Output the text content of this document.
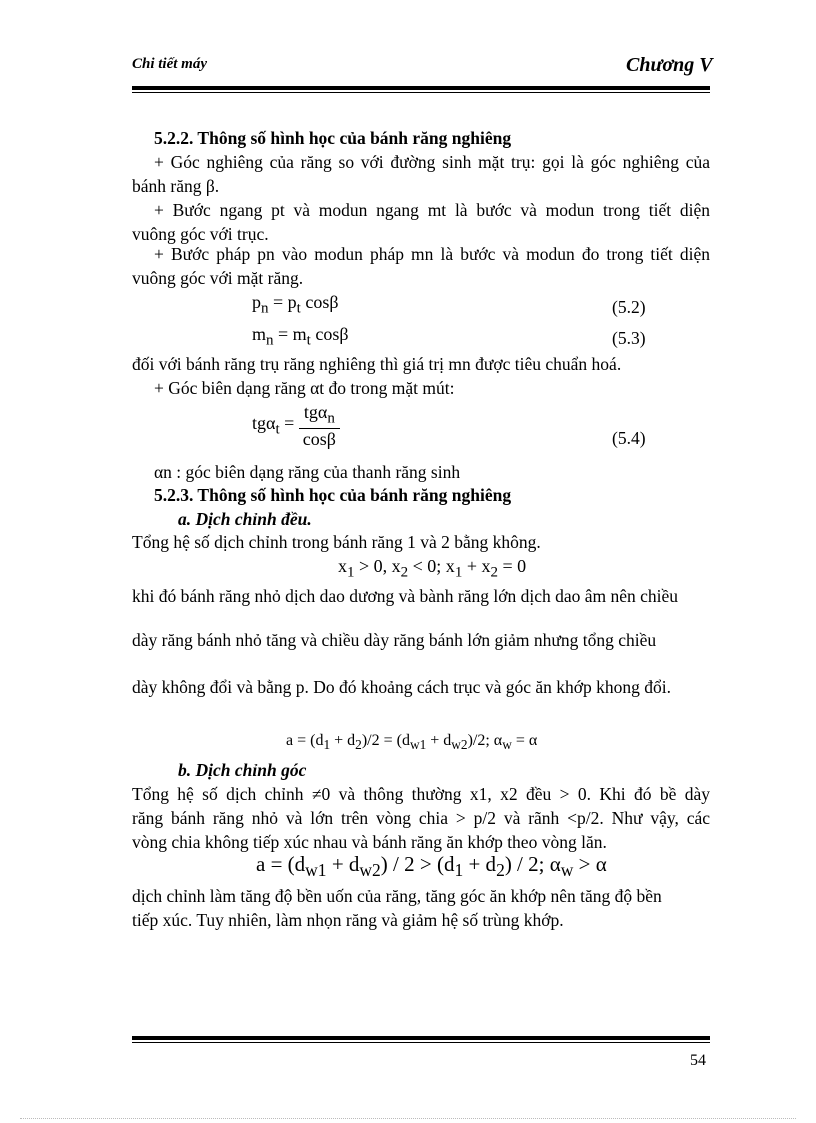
Chi tiết máy	Chương V
5.2.2. Thông số hình học của bánh răng nghiêng
+ Góc nghiêng của răng so với đường sinh mặt trụ: gọi là góc nghiêng của
bánh răng β.
+ Bước ngang pt và modun ngang mt là bước và modun trong tiết diện
vuông góc với trục.
+ Bước pháp pn vào modun pháp mn là bước và modun đo trong tiết diện
vuông góc với mặt răng.
$p_n = p_t$ cosβ	(5.2)
$m_n = m_t$ cosβ	(5.3)
đối với bánh răng trụ răng nghiêng thì giá trị mn được tiêu chuẩn hoá.
+ Góc biên dạng răng αt đo trong mặt mút:
$tg\alpha_t = \frac{tg\alpha_n}{\cos\beta}$	(5.4)
αn : góc biên dạng răng của thanh răng sinh
5.2.3. Thông số hình học của bánh răng nghiêng
a. Dịch chỉnh đều.
Tổng hệ số dịch chỉnh trong bánh răng 1 và 2 bằng không.
$x_1 > 0$, $x_2 < 0$; $x_1 + x_2 = 0$
khi đó bánh răng nhỏ dịch dao dương và bành răng lớn dịch dao âm nên chiều
dày răng bánh nhỏ tăng và chiều dày răng bánh lớn giảm nhưng tổng chiều
dày không đổi và bằng p. Do đó khoảng cách trục và góc ăn khớp khong đổi.
$a = (d_1 + d_2)/2 = (d_{w1} + d_{w2})/2$; $\alpha_w = \alpha$
b. Dịch chỉnh góc
Tổng hệ số dịch chỉnh ≠0 và thông thường x1, x2 đều > 0. Khi đó bề dày
răng bánh răng nhỏ và lớn trên vòng chia > p/2 và rãnh <p/2. Như vậy, các
vòng chia không tiếp xúc nhau và bánh răng ăn khớp theo vòng lăn.
$a = (d_{w1} + d_{w2}) / 2 > (d_1 + d_2) / 2$; $\alpha_w > \alpha$
dịch chỉnh làm tăng độ bền uốn của răng, tăng góc ăn khớp nên tăng độ bền
tiếp xúc. Tuy nhiên, làm nhọn răng và giảm hệ số trùng khớp.
54
